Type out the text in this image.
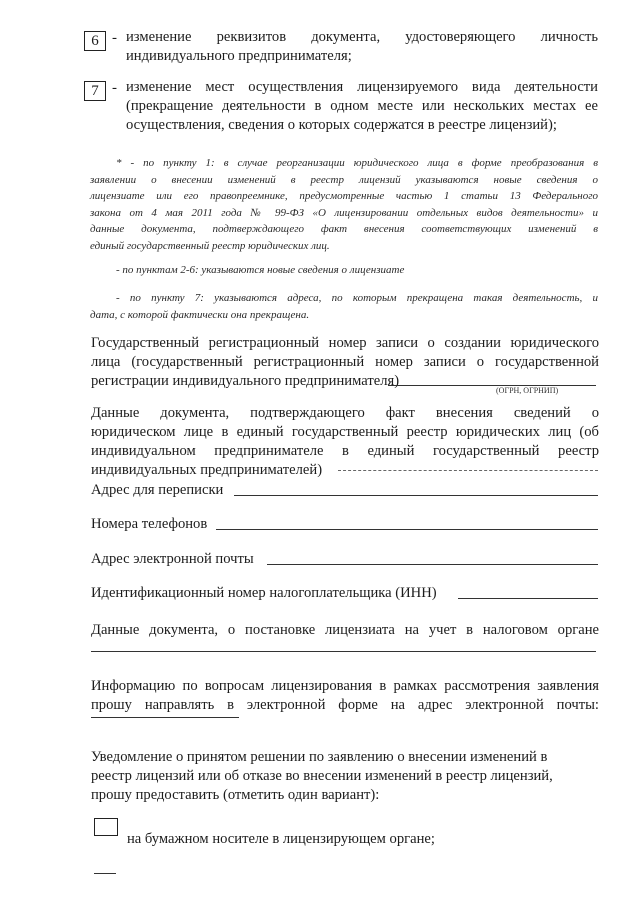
6 - изменение реквизитов документа, удостоверяющего личность
индивидуального предпринимателя;
7 - изменение мест осуществления лицензируемого вида деятельности
(прекращение деятельности в одном месте или нескольких местах ее
осуществления, сведения о которых содержатся в реестре лицензий);
* - по пункту 1: в случае реорганизации юридического лица в форме преобразования в
заявлении о внесении изменений в реестр лицензий указываются новые сведения о
лицензиате или его правопреемнике, предусмотренные частью 1 статьи 13 Федерального
закона от 4 мая 2011 года № 99-ФЗ «О лицензировании отдельных видов деятельности» и
данные документа, подтверждающего факт внесения соответствующих изменений в
единый государственный реестр юридических лиц.
- по пунктам 2-6: указываются новые сведения о лицензиате
- по пункту 7: указываются адреса, по которым прекращена такая деятельность, и
дата, с которой фактически она прекращена.
Государственный регистрационный номер записи о создании юридического
лица (государственный регистрационный номер записи о государственной
регистрации индивидуального предпринимателя)
(ОГРН, ОГРНИП)
Данные документа, подтверждающего факт внесения сведений о
юридическом лице в единый государственный реестр юридических лиц (об
индивидуальном предпринимателе в единый государственный реестр
индивидуальных предпринимателей)
Адрес для переписки
Номера телефонов
Адрес электронной почты
Идентификационный номер налогоплательщика (ИНН)
Данные документа, о постановке лицензиата на учет в налоговом органе
Информацию по вопросам лицензирования в рамках рассмотрения заявления
прошу направлять в электронной форме на адрес электронной почты:
Уведомление о принятом решении по заявлению о внесении изменений в
реестр лицензий или об отказе во внесении изменений в реестр лицензий,
прошу предоставить (отметить один вариант):
на бумажном носителе в лицензирующем органе;
